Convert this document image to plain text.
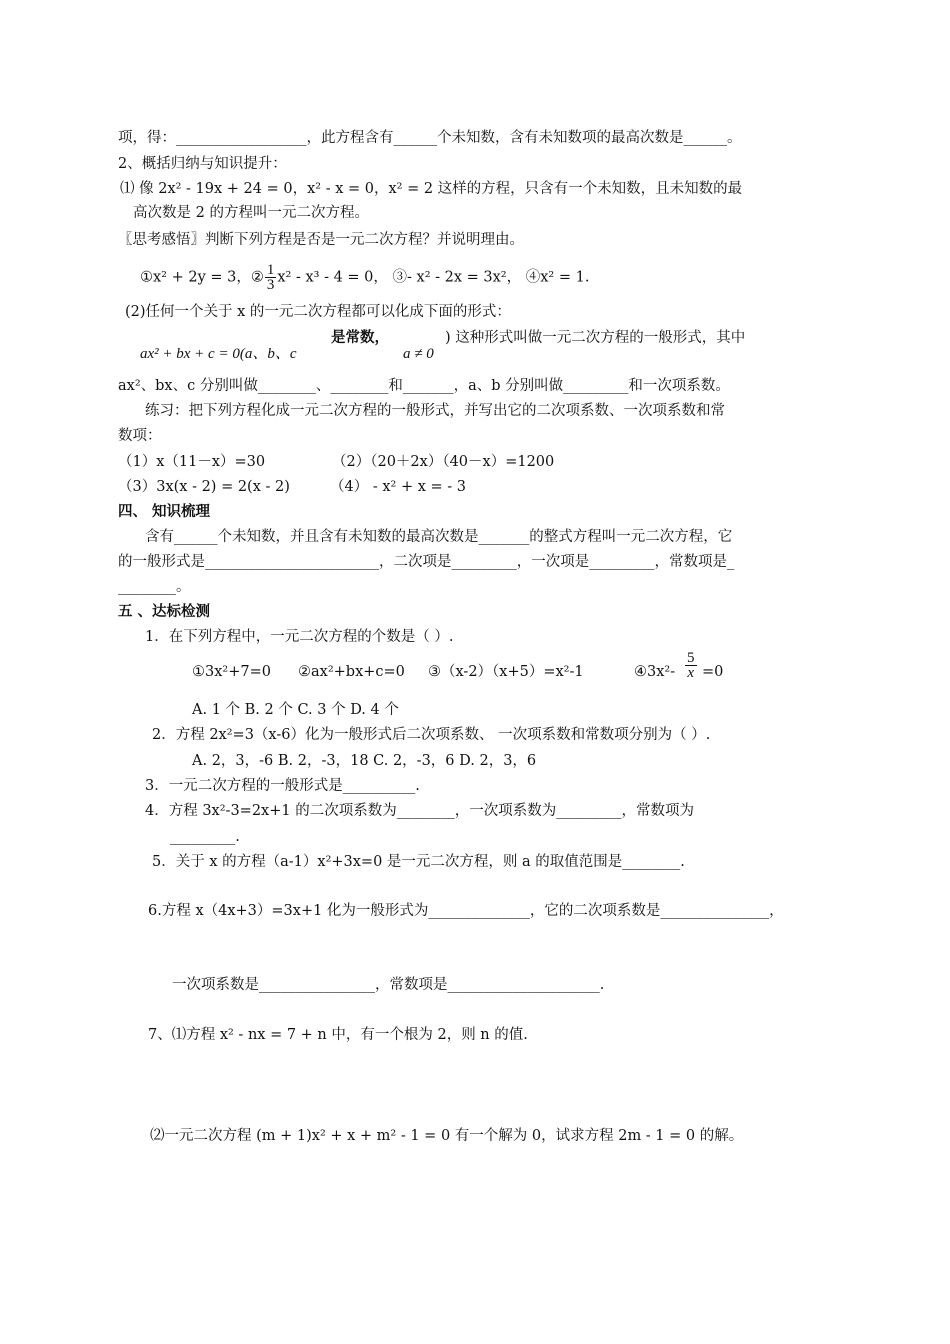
项，得：__________________，此方程含有______个未知数，含有未知数项的最高次数是______。
2、概括归纳与知识提升：
⑴ 像 2x² - 19x + 24 = 0，x² - x = 0，x² = 2 这样的方程，只含有一个未知数，且未知数的最
高次数是 2 的方程叫一元二次方程。
〖思考感悟〗判断下列方程是否是一元二次方程？并说明理由。
①x² + 2y = 3，② $\frac{1}{3} x^2 - x^3 - 4 = 0$， ③- x² - 2x = 3x²， ④x² = 1.
(2)任何一个关于 x 的一元二次方程都可以化成下面的形式：
ax² + bx + c = 0(a、b、c
是常数，
a ≠ 0
) 这种形式叫做一元二次方程的一般形式，其中
ax²、bx、c 分别叫做________、________和_______，a、b 分别叫做_________和一次项系数。
练习：把下列方程化成一元二次方程的一般形式，并写出它的二次项系数、一次项系数和常
数项：
（1）x（11－x）=30	（2）（20＋2x）（40－x）=1200
（3）3x(x - 2) = 2(x - 2)	（4） - x² + x = - 3
四、 知识梳理
含有______个未知数，并且含有未知数的最高次数是_______的整式方程叫一元二次方程，它
的一般形式是________________________，二次项是_________，一次项是_________，常数项是_
________。
五 、达标检测
1．在下列方程中，一元二次方程的个数是（ ）.
①3x²+7=0 ②ax²+bx+c=0 ③（x-2）（x+5）=x²-1	④3x²- $\frac{5}{x} =0$
A. 1 个 B. 2 个 C. 3 个 D. 4 个
2．方程 2x²=3（x-6）化为一般形式后二次项系数、 一次项系数和常数项分别为（ ）.
A. 2，3，-6 B. 2，-3，18 C. 2，-3，6 D. 2，3，6
3．一元二次方程的一般形式是__________.
4．方程 3x²-3=2x+1 的二次项系数为________，一次项系数为_________，常数项为
_________.
5．关于 x 的方程（a-1）x²+3x=0 是一元二次方程，则 a 的取值范围是________.
6.方程 x（4x+3）=3x+1 化为一般形式为______________，它的二次项系数是_______________，
一次项系数是________________，常数项是_____________________.
7、⑴方程 x² - nx = 7 + n 中，有一个根为 2，则 n 的值.
⑵一元二次方程 (m + 1)x² + x + m² - 1 = 0 有一个解为 0，试求方程 2m - 1 = 0 的解。
